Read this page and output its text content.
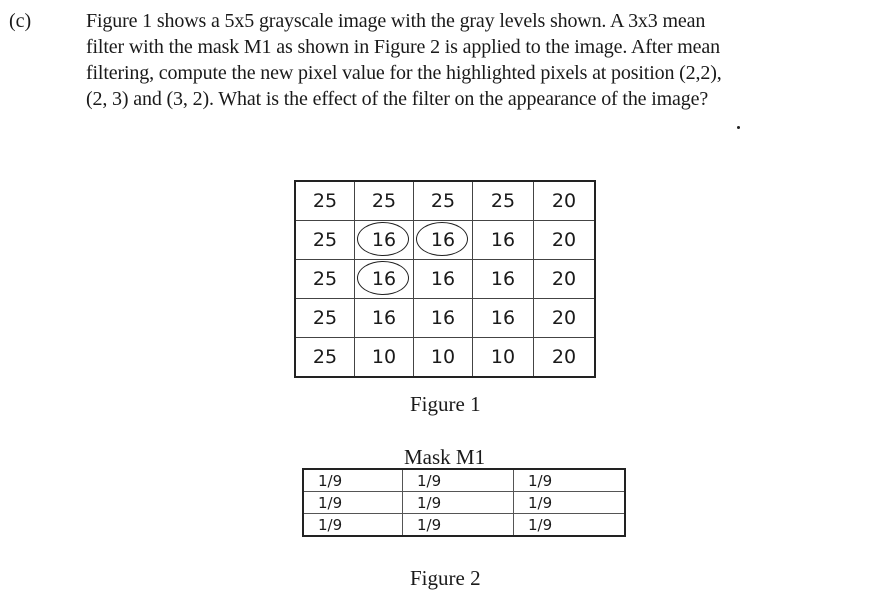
(c)	Figure 1 shows a 5x5 grayscale image with the gray levels shown. A 3x3 mean
filter with the mask M1 as shown in Figure 2 is applied to the image. After mean
filtering, compute the new pixel value for the highlighted pixels at position (2,2),
(2, 3) and (3, 2). What is the effect of the filter on the appearance of the image?

25	25	25	25	20
25	16	16	16	20
25	16	16	16	20
25	16	16	16	20
25	10	10	10	20
Figure 1
Mask M1
1/9	1/9	1/9
1/9	1/9	1/9
1/9	1/9	1/9
Figure 2
